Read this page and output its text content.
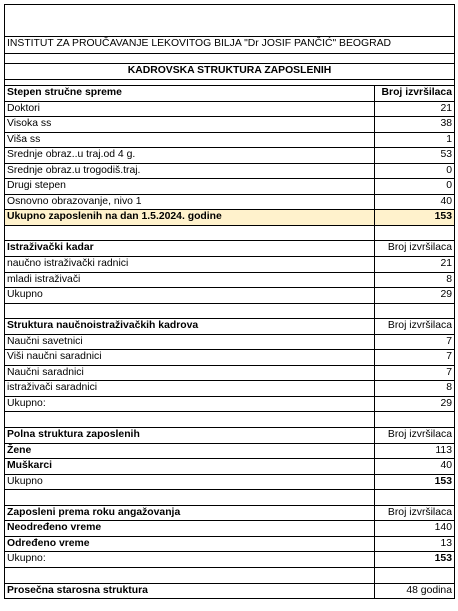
INSTITUT ZA PROUČAVANJE LEKOVITOG BILJA "Dr JOSIF PANČIĆ" BEOGRAD
KADROVSKA STRUKTURA ZAPOSLENIH
Stepen stručne spreme	Broj izvršilaca
Doktori	21
Visoka ss	38
Viša ss	1
Srednje obraz..u traj.od 4 g.	53
Srednje obraz.u trogodiš.traj.	0
Drugi stepen	0
Osnovno obrazovanje, nivo 1	40
Ukupno zaposlenih na dan 1.5.2024. godine	153
Istraživački kadar	Broj izvršilaca
naučno istraživački radnici	21
mladi istraživači	8
Ukupno	29
Struktura naučnoistraživačkih kadrova	Broj izvršilaca
Naučni savetnici	7
Viši naučni saradnici	7
Naučni saradnici	7
istraživači saradnici	8
Ukupno:	29
Polna struktura zaposlenih	Broj izvršilaca
Žene	113
Muškarci	40
Ukupno	153
Zaposleni prema roku angažovanja	Broj izvršilaca
Neodređeno vreme	140
Određeno vreme	13
Ukupno:	153
Prosečna starosna struktura	48 godina
